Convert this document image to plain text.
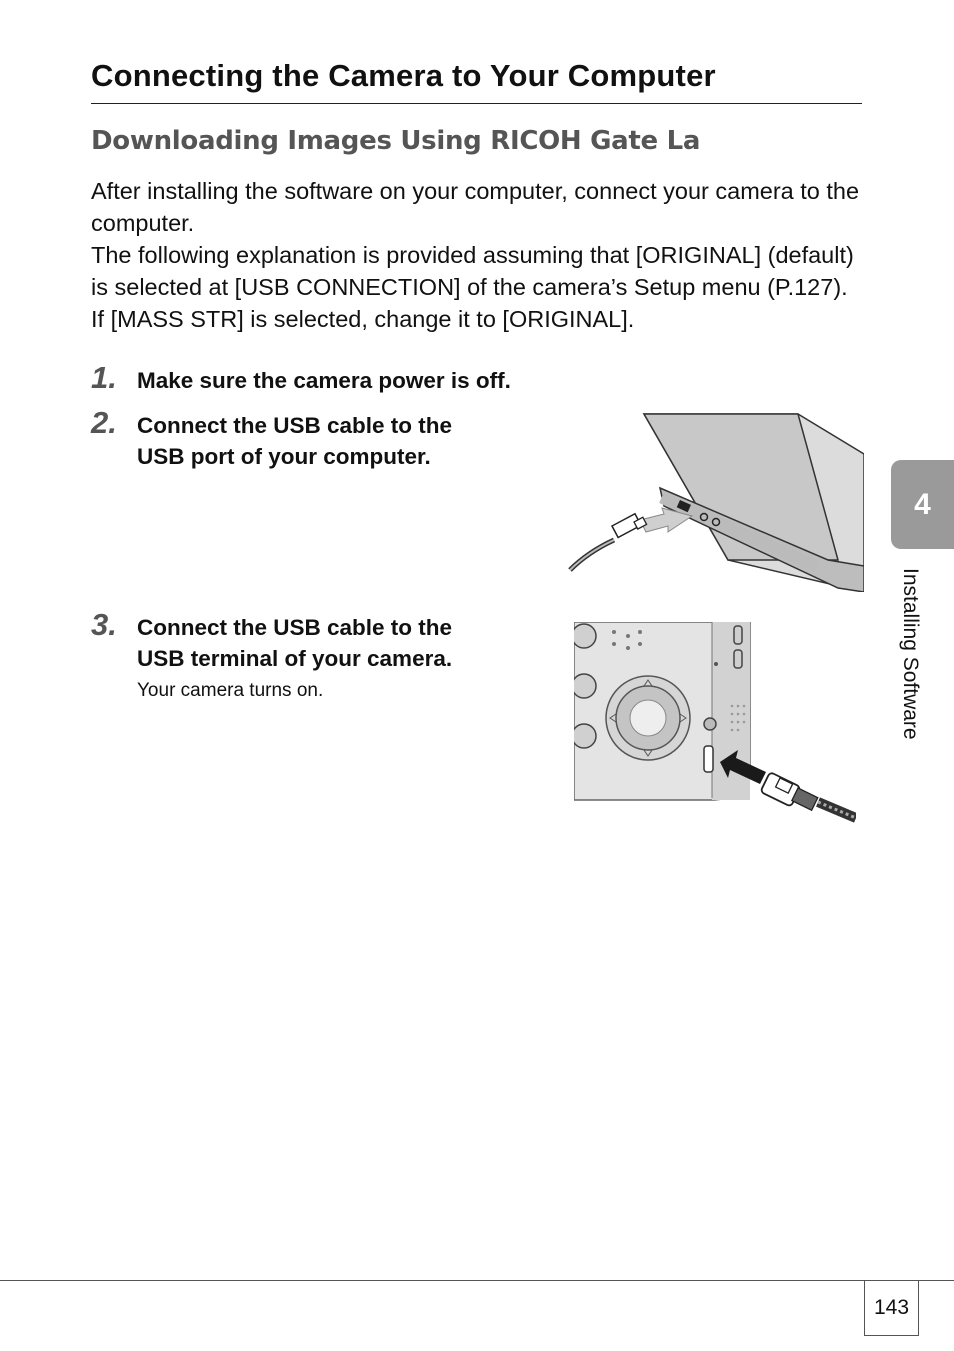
Connecting the Camera to Your Computer
Downloading Images Using RICOH Gate La

After installing the software on your computer, connect your camera to the computer.

The following explanation is provided assuming that [ORIGINAL] (default) is selected at [USB CONNECTION] of the camera’s Setup menu (P.127). If [MASS STR] is selected, change it to [ORIGINAL].

1. Make sure the camera power is off.
2. Connect the USB cable to the
USB port of your computer.
3. Connect the USB cable to the
USB terminal of your camera.
Your camera turns on.
4
Installing Software
143
